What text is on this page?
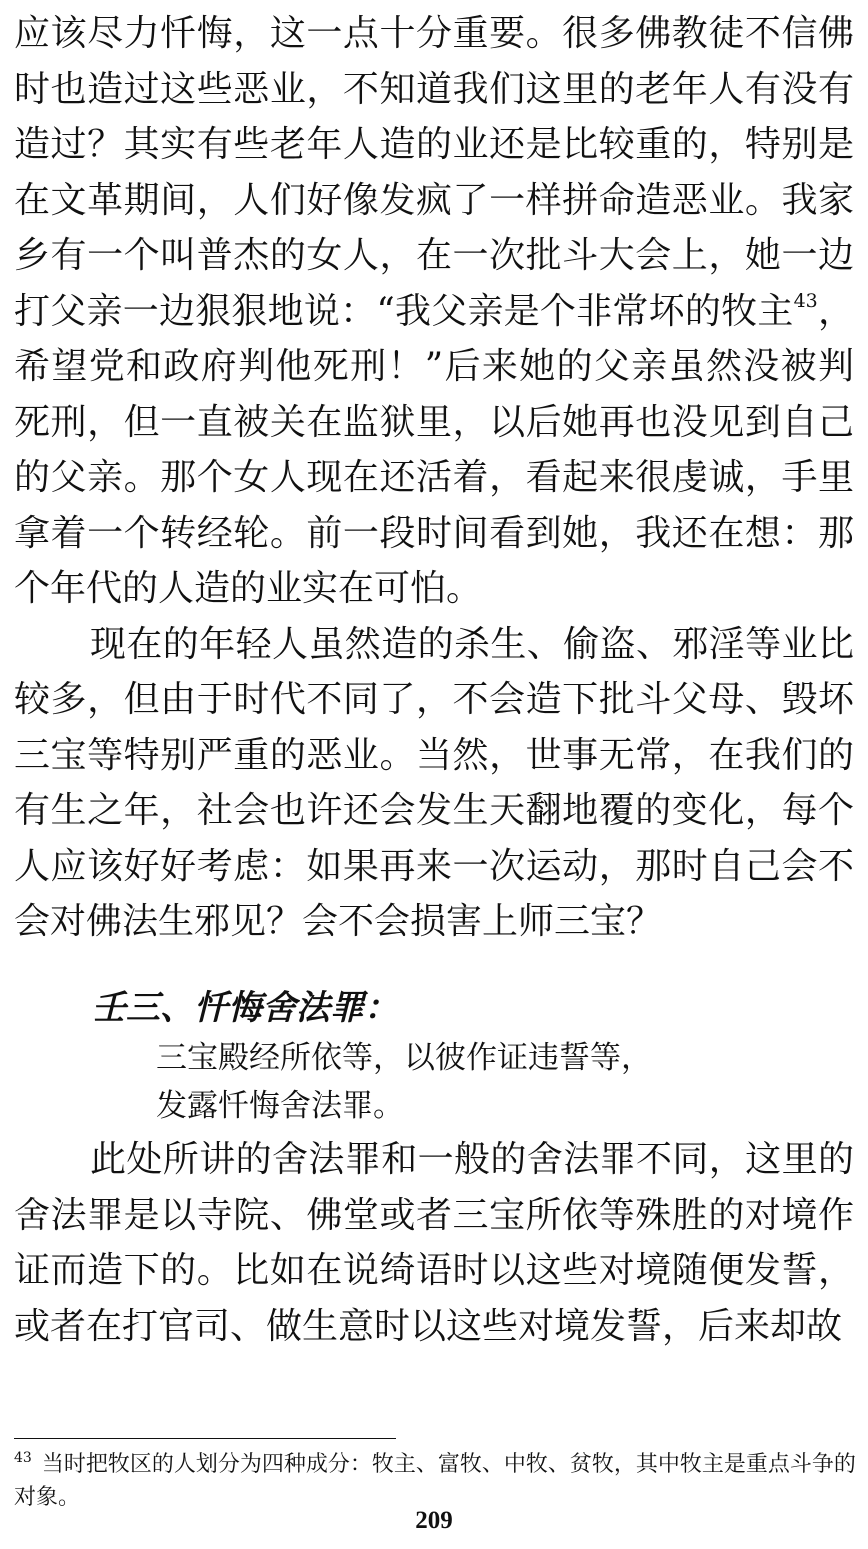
应该尽力忏悔，这一点十分重要。很多佛教徒不信佛时也造过这些恶业，不知道我们这里的老年人有没有造过？其实有些老年人造的业还是比较重的，特别是在文革期间，人们好像发疯了一样拼命造恶业。我家乡有一个叫普杰的女人，在一次批斗大会上，她一边打父亲一边狠狠地说：“我父亲是个非常坏的牧主$^{43}$，希望党和政府判他死刑！”后来她的父亲虽然没被判死刑，但一直被关在监狱里，以后她再也没见到自己的父亲。那个女人现在还活着，看起来很虔诚，手里拿着一个转经轮。前一段时间看到她，我还在想：那个年代的人造的业实在可怕。

现在的年轻人虽然造的杀生、偷盗、邪淫等业比较多，但由于时代不同了，不会造下批斗父母、毁坏三宝等特别严重的恶业。当然，世事无常，在我们的有生之年，社会也许还会发生天翻地覆的变化，每个人应该好好考虑：如果再来一次运动，那时自己会不会对佛法生邪见？会不会损害上师三宝？

壬三、忏悔舍法罪：
三宝殿经所依等，以彼作证违誓等，
发露忏悔舍法罪。

此处所讲的舍法罪和一般的舍法罪不同，这里的舍法罪是以寺院、佛堂或者三宝所依等殊胜的对境作证而造下的。比如在说绮语时以这些对境随便发誓，或者在打官司、做生意时以这些对境发誓，后来却故

$^{43}$ 当时把牧区的人划分为四种成分：牧主、富牧、中牧、贫牧，其中牧主是重点斗争的对象。
209
